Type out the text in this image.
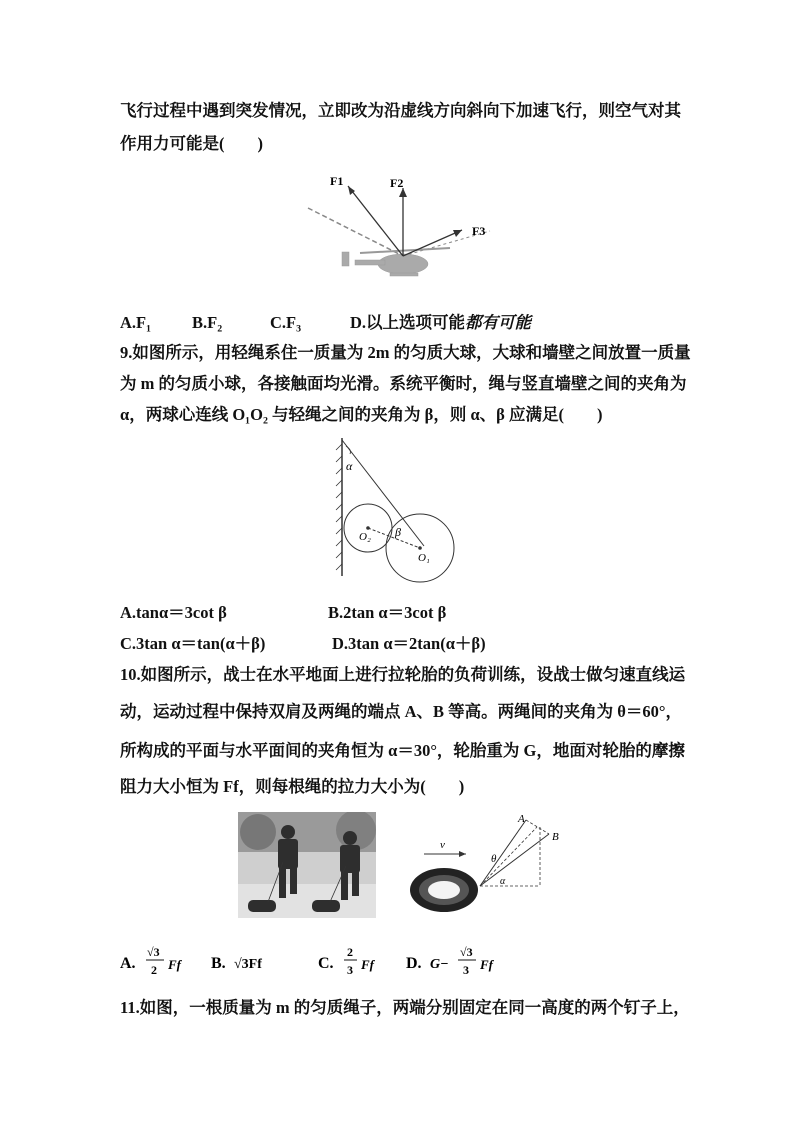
飞行过程中遇到突发情况，立即改为沿虚线方向斜向下加速飞行，则空气对其
作用力可能是(　　)
F1	F2
F3
A.F₁ B.F₂	C.F₃	D.以上选项可能都有可能
9.如图所示，用轻绳系住一质量为 2m 的匀质大球，大球和墙壁之间放置一质量
为 m 的匀质小球，各接触面均光滑。系统平衡时，绳与竖直墙壁之间的夹角为
α，两球心连线 O₁O₂ 与轻绳之间的夹角为 β，则 α、β 应满足(　　)
α
β
O₂
O₁
A.tanα＝3cot β	B.2tan α＝3cot β
C.3tan α＝tan(α＋β)	D.3tan α＝2tan(α＋β)
10.如图所示，战士在水平地面上进行拉轮胎的负荷训练，设战士做匀速直线运
动，运动过程中保持双肩及两绳的端点 A、B 等高。两绳间的夹角为 θ＝60°，
所构成的平面与水平面间的夹角恒为 α＝30°，轮胎重为 G，地面对轮胎的摩擦
阻力大小恒为 Ff，则每根绳的拉力大小为(　　)
v
A
B
θ
α
A.
√3
2 Ff B. √3Ff	C.
2
3 Ff D. G−
√3
3 Ff
11.如图，一根质量为 m 的匀质绳子，两端分别固定在同一高度的两个钉子上，
